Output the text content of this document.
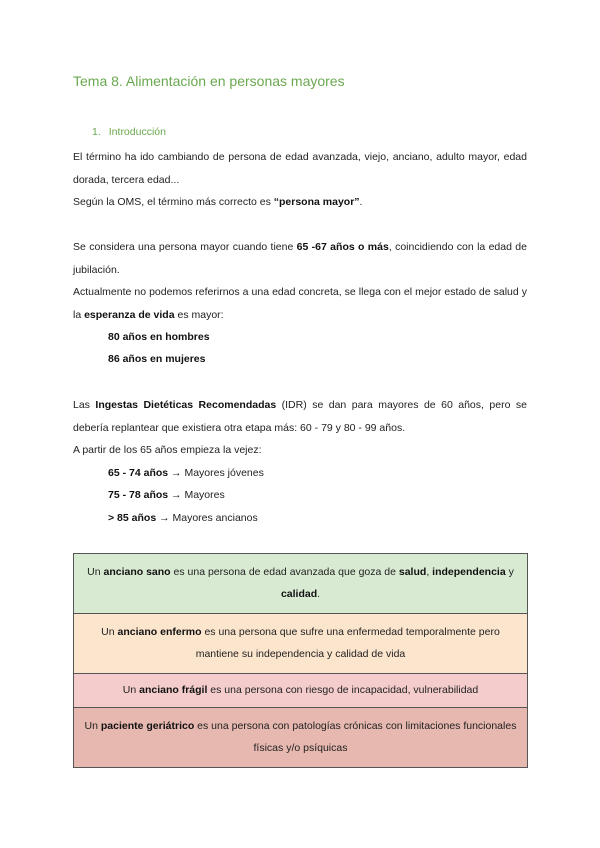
Tema 8. Alimentación en personas mayores
1. Introducción

El término ha ido cambiando de persona de edad avanzada, viejo, anciano, adulto mayor, edad dorada, tercera edad...

Según la OMS, el término más correcto es “persona mayor”.

Se considera una persona mayor cuando tiene 65 -67 años o más, coincidiendo con la edad de jubilación.

Actualmente no podemos referirnos a una edad concreta, se llega con el mejor estado de salud y la esperanza de vida es mayor:

80 años en hombres

86 años en mujeres

Las Ingestas Dietéticas Recomendadas (IDR) se dan para mayores de 60 años, pero se debería replantear que existiera otra etapa más: 60 - 79 y 80 - 99 años.

A partir de los 65 años empieza la vejez:

65 - 74 años → Mayores jóvenes

75 - 78 años → Mayores

> 85 años → Mayores ancianos

Un anciano sano es una persona de edad avanzada que goza de salud, independencia y calidad.
Un anciano enfermo es una persona que sufre una enfermedad temporalmente pero mantiene su independencia y calidad de vida
Un anciano frágil es una persona con riesgo de incapacidad, vulnerabilidad
Un paciente geriátrico es una persona con patologías crónicas con limitaciones funcionales físicas y/o psíquicas
